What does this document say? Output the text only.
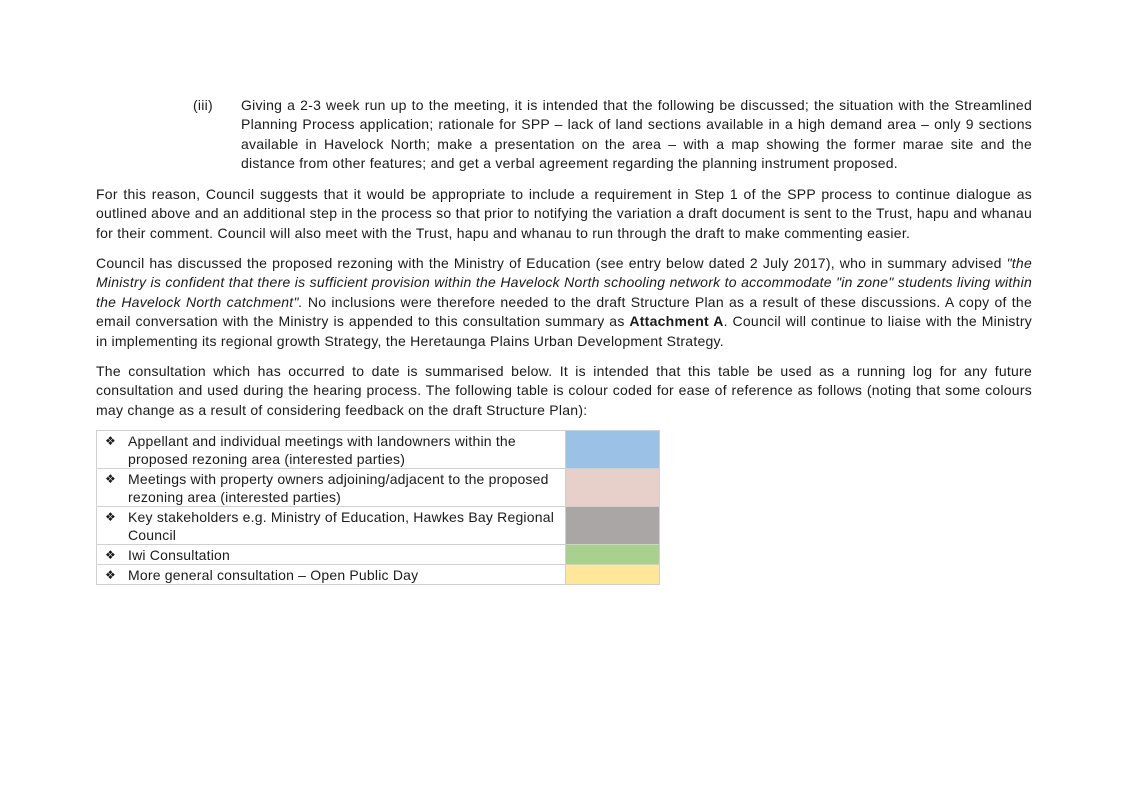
(iii)	Giving a 2-3 week run up to the meeting, it is intended that the following be discussed; the situation with the Streamlined Planning Process application; rationale for SPP – lack of land sections available in a high demand area – only 9 sections available in Havelock North; make a presentation on the area – with a map showing the former marae site and the distance from other features; and get a verbal agreement regarding the planning instrument proposed.

For this reason, Council suggests that it would be appropriate to include a requirement in Step 1 of the SPP process to continue dialogue as outlined above and an additional step in the process so that prior to notifying the variation a draft document is sent to the Trust, hapu and whanau for their comment. Council will also meet with the Trust, hapu and whanau to run through the draft to make commenting easier.

Council has discussed the proposed rezoning with the Ministry of Education (see entry below dated 2 July 2017), who in summary advised "the Ministry is confident that there is sufficient provision within the Havelock North schooling network to accommodate "in zone" students living within the Havelock North catchment". No inclusions were therefore needed to the draft Structure Plan as a result of these discussions. A copy of the email conversation with the Ministry is appended to this consultation summary as Attachment A. Council will continue to liaise with the Ministry in implementing its regional growth Strategy, the Heretaunga Plains Urban Development Strategy.

The consultation which has occurred to date is summarised below. It is intended that this table be used as a running log for any future consultation and used during the hearing process. The following table is colour coded for ease of reference as follows (noting that some colours may change as a result of considering feedback on the draft Structure Plan):

❖ Appellant and individual meetings with landowners within the proposed rezoning area (interested parties)	

❖ Meetings with property owners adjoining/adjacent to the proposed rezoning area (interested parties)	

❖ Key stakeholders e.g. Ministry of Education, Hawkes Bay Regional Council	

❖ Iwi Consultation	

❖ More general consultation – Open Public Day	
